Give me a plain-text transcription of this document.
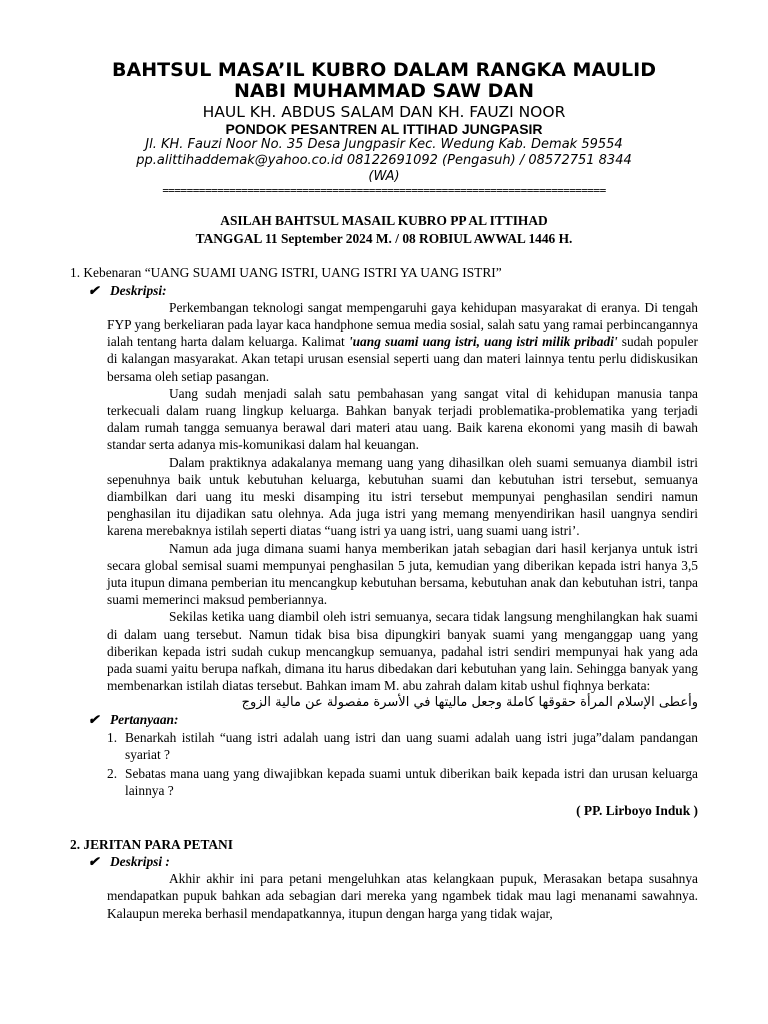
BAHTSUL MASA’IL KUBRO DALAM RANGKA MAULID
NABI MUHAMMAD SAW DAN
HAUL KH. ABDUS SALAM DAN KH. FAUZI NOOR
PONDOK PESANTREN AL ITTIHAD JUNGPASIR
Jl. KH. Fauzi Noor No. 35 Desa Jungpasir Kec. Wedung Kab. Demak 59554
pp.alittihaddemak@yahoo.co.id 08122691092 (Pengasuh) / 08572751 8344
(WA)
=========================================================================
ASILAH BAHTSUL MASAIL KUBRO PP AL ITTIHAD
TANGGAL 11 September 2024 M. / 08 ROBIUL AWWAL 1446 H.
1. Kebenaran “UANG SUAMI UANG ISTRI, UANG ISTRI YA UANG ISTRI”
✔ Deskripsi:
Perkembangan teknologi sangat mempengaruhi gaya kehidupan masyarakat di eranya. Di tengah FYP yang berkeliaran pada layar kaca handphone semua media sosial, salah satu yang ramai perbincangannya ialah tentang harta dalam keluarga. Kalimat 'uang suami uang istri, uang istri milik pribadi' sudah populer di kalangan masyarakat. Akan tetapi urusan esensial seperti uang dan materi lainnya tentu perlu didiskusikan bersama oleh setiap pasangan.
Uang sudah menjadi salah satu pembahasan yang sangat vital di kehidupan manusia tanpa terkecuali dalam ruang lingkup keluarga. Bahkan banyak terjadi problematika-problematika yang terjadi dalam rumah tangga semuanya berawal dari materi atau uang. Baik karena ekonomi yang masih di bawah standar serta adanya mis-komunikasi dalam hal keuangan.
Dalam praktiknya adakalanya memang uang yang dihasilkan oleh suami semuanya diambil istri sepenuhnya baik untuk kebutuhan keluarga, kebutuhan suami dan kebutuhan istri tersebut, semuanya diambilkan dari uang itu meski disamping itu istri tersebut mempunyai penghasilan sendiri namun penghasilan itu dijadikan satu olehnya. Ada juga istri yang memang menyendirikan hasil uangnya sendiri karena merebaknya istilah seperti diatas “uang istri ya uang istri, uang suami uang istri’.
Namun ada juga dimana suami hanya memberikan jatah sebagian dari hasil kerjanya untuk istri secara global semisal suami mempunyai penghasilan 5 juta, kemudian yang diberikan kepada istri hanya 3,5 juta itupun dimana pemberian itu mencangkup kebutuhan bersama, kebutuhan anak dan kebutuhan istri, tanpa suami memerinci maksud pemberiannya.
Sekilas ketika uang diambil oleh istri semuanya, secara tidak langsung menghilangkan hak suami di dalam uang tersebut. Namun tidak bisa bisa dipungkiri banyak suami yang menganggap uang yang diberikan kepada istri sudah cukup mencangkup semuanya, padahal istri sendiri mempunyai hak yang ada pada suami yaitu berupa nafkah, dimana itu harus dibedakan dari kebutuhan yang lain. Sehingga banyak yang membenarkan istilah diatas tersebut. Bahkan imam M. abu zahrah dalam kitab ushul fiqhnya berkata:
وأعطى الإسلام المرأة حقوقها كاملة وجعل ماليتها في الأسرة مفصولة عن مالية الزوج
✔ Pertanyaan:
1. Benarkah istilah “uang istri adalah uang istri dan uang suami adalah uang istri juga”dalam pandangan syariat ?
2. Sebatas mana uang yang diwajibkan kepada suami untuk diberikan baik kepada istri dan urusan keluarga lainnya ?
( PP. Lirboyo Induk )
2. JERITAN PARA PETANI
✔ Deskripsi :
Akhir akhir ini para petani mengeluhkan atas kelangkaan pupuk, Merasakan betapa susahnya mendapatkan pupuk bahkan ada sebagian dari mereka yang ngambek tidak mau lagi menanami sawahnya. Kalaupun mereka berhasil mendapatkannya, itupun dengan harga yang tidak wajar,
